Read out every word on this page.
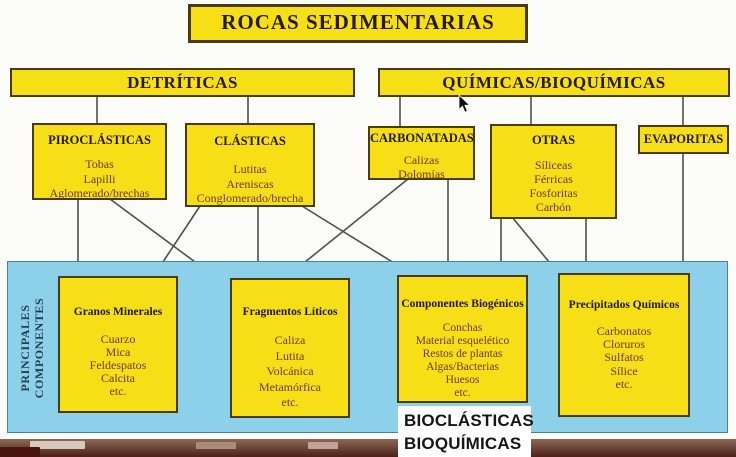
PRINCIPALES COMPONENTES
ROCAS SEDIMENTARIAS
DETRÍTICAS	QUÍMICAS/BIOQUÍMICAS
PIROCLÁSTICAS
Tobas
Lapilli
Aglomerado/brechas
CLÁSTICAS
Lutitas
Areniscas
Conglomerado/brecha
CARBONATADAS
Calizas
Dolomías
OTRAS
Síliceas
Férricas
Fosforitas
Carbón
EVAPORITAS
Granos Minerales
Cuarzo
Mica
Feldespatos
Calcita
etc.
Fragmentos Líticos
Caliza
Lutita
Volcánica
Metamórfica
etc.
Componentes Biogénicos
Conchas
Material esquelético
Restos de plantas
Algas/Bacterias
Huesos
etc.
Precipitados Químicos
Carbonatos
Cloruros
Sulfatos
Sílice
etc.
BIOCLÁSTICAS
BIOQUÍMICAS
